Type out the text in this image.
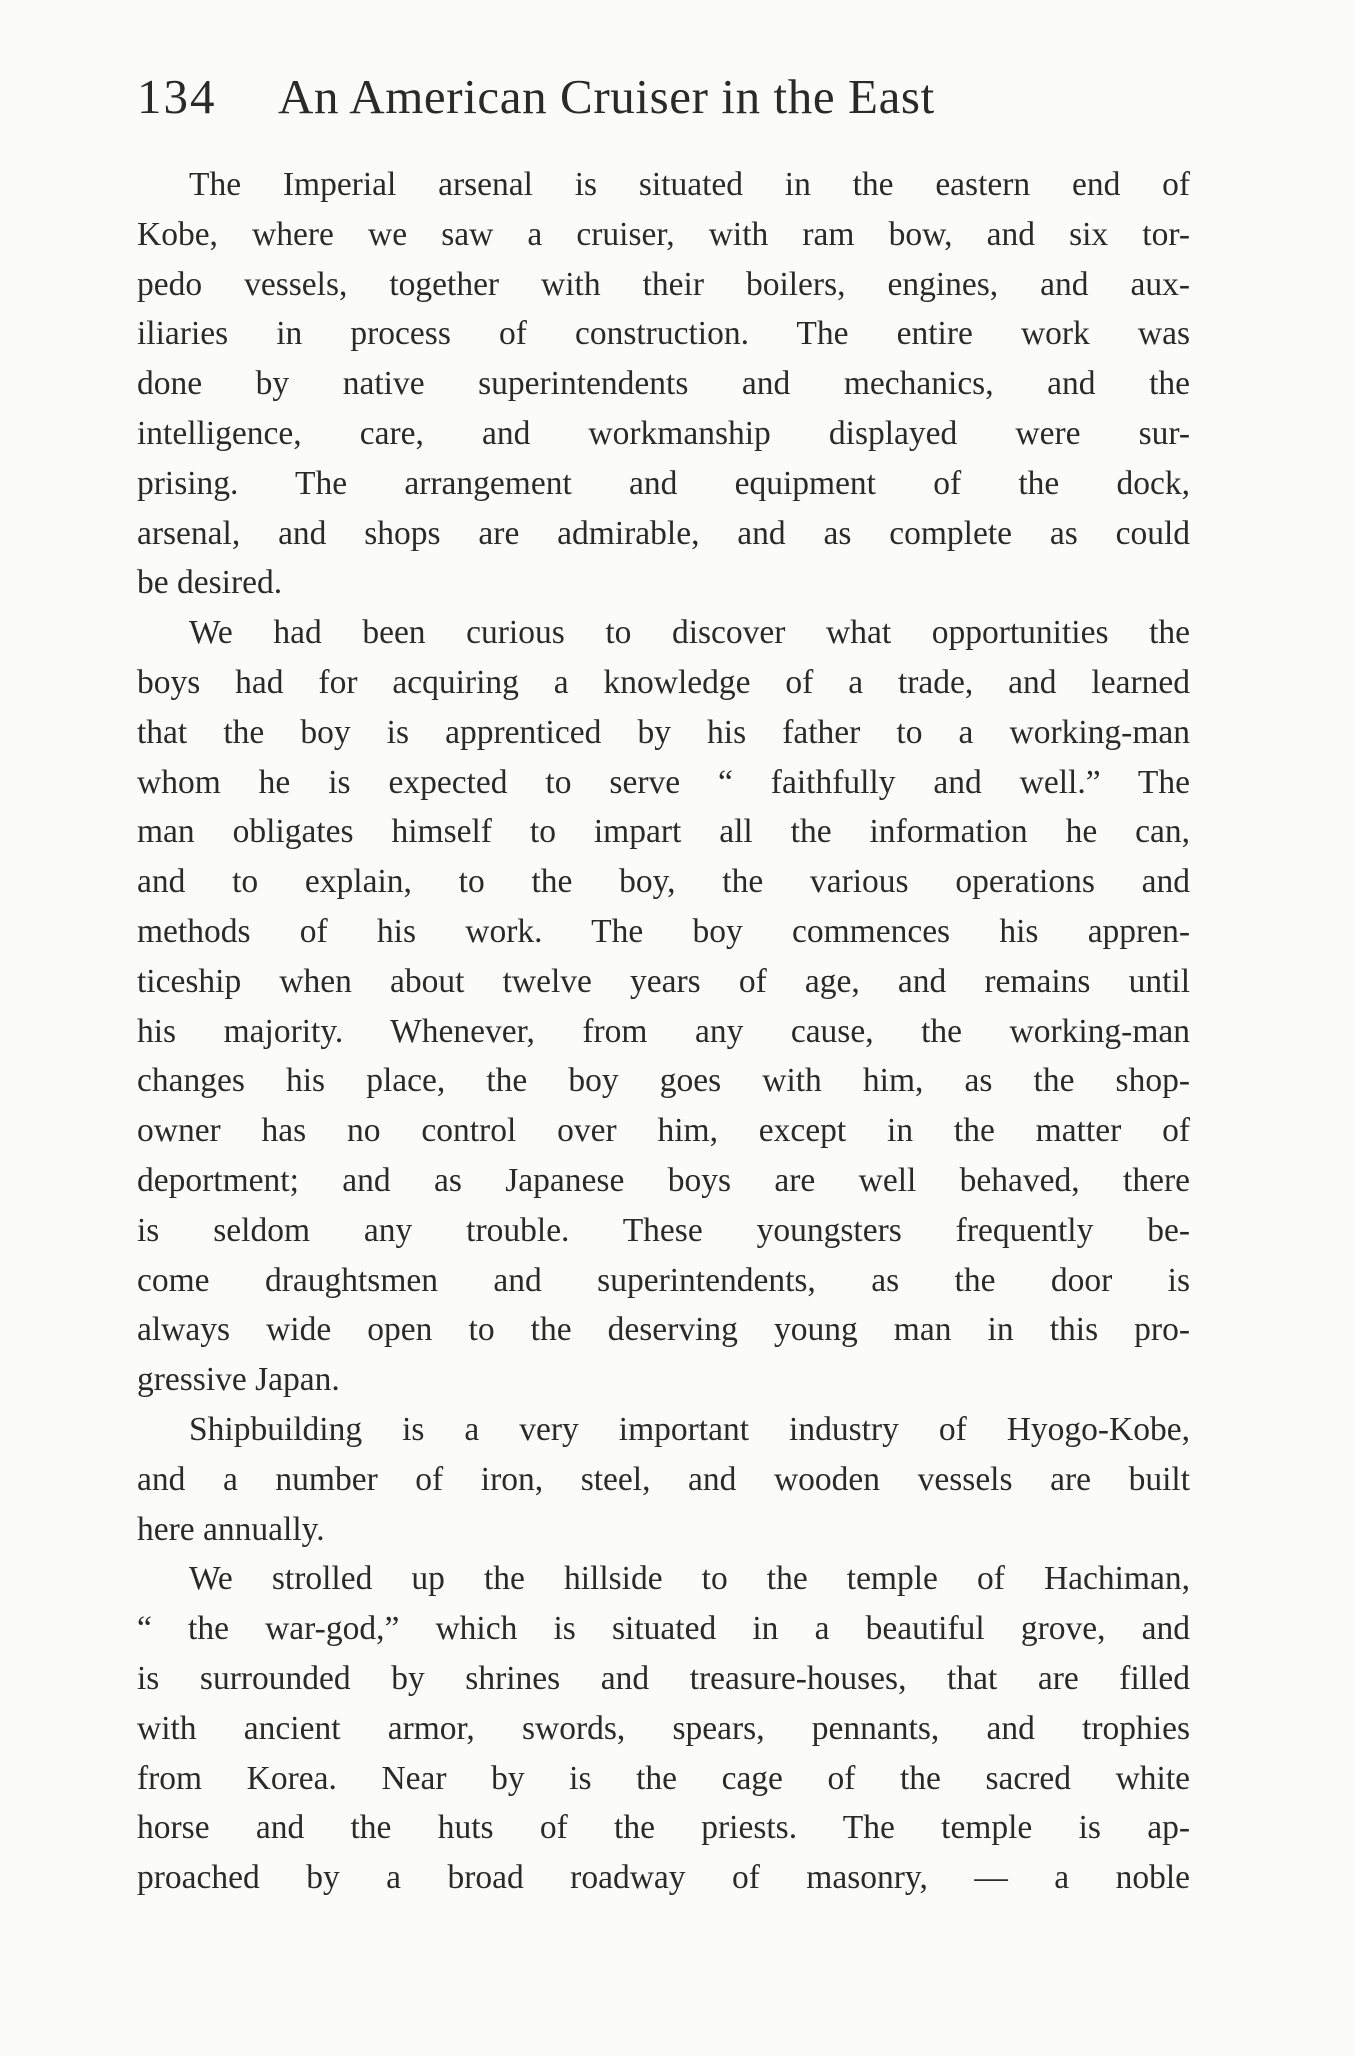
134 An American Cruiser in the East
The Imperial arsenal is situated in the eastern end of
Kobe, where we saw a cruiser, with ram bow, and six tor-
pedo vessels, together with their boilers, engines, and aux-
iliaries in process of construction. The entire work was
done by native superintendents and mechanics, and the
intelligence, care, and workmanship displayed were sur-
prising. The arrangement and equipment of the dock,
arsenal, and shops are admirable, and as complete as could
be desired.
We had been curious to discover what opportunities the
boys had for acquiring a knowledge of a trade, and learned
that the boy is apprenticed by his father to a working-man
whom he is expected to serve “ faithfully and well.” The
man obligates himself to impart all the information he can,
and to explain, to the boy, the various operations and
methods of his work. The boy commences his appren-
ticeship when about twelve years of age, and remains until
his majority. Whenever, from any cause, the working-man
changes his place, the boy goes with him, as the shop-
owner has no control over him, except in the matter of
deportment; and as Japanese boys are well behaved, there
is seldom any trouble. These youngsters frequently be-
come draughtsmen and superintendents, as the door is
always wide open to the deserving young man in this pro-
gressive Japan.
Shipbuilding is a very important industry of Hyogo-Kobe,
and a number of iron, steel, and wooden vessels are built
here annually.
We strolled up the hillside to the temple of Hachiman,
“ the war-god,” which is situated in a beautiful grove, and
is surrounded by shrines and treasure-houses, that are filled
with ancient armor, swords, spears, pennants, and trophies
from Korea. Near by is the cage of the sacred white
horse and the huts of the priests. The temple is ap-
proached by a broad roadway of masonry, — a noble
